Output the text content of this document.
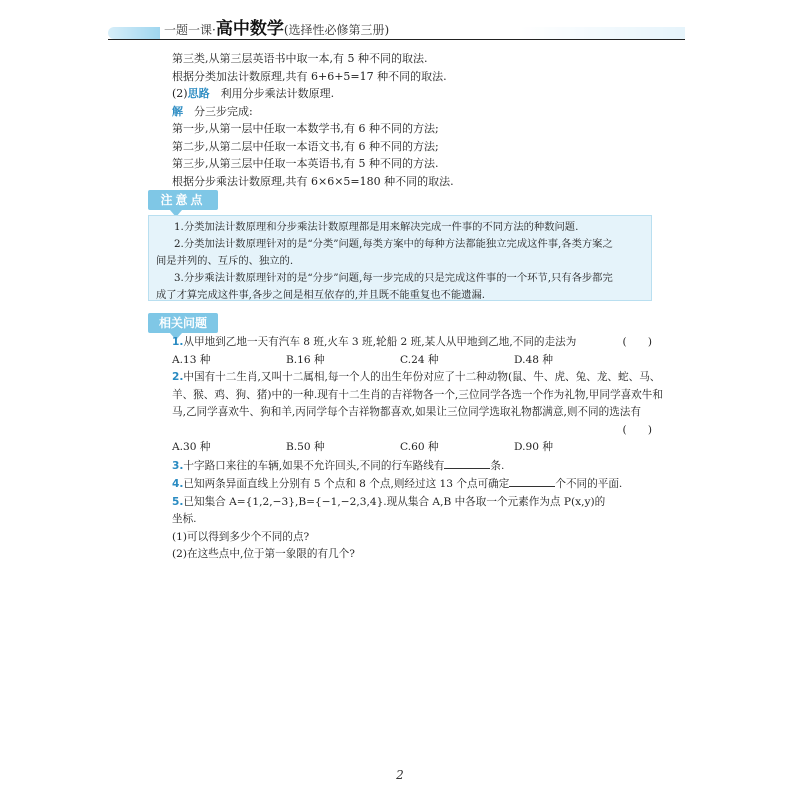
一题一课·高中数学(选择性必修第三册)
第三类,从第三层英语书中取一本,有 5 种不同的取法.
根据分类加法计数原理,共有 6+6+5=17 种不同的取法.
(2)思路　 利用分步乘法计数原理.
解　 分三步完成:
第一步,从第一层中任取一本数学书,有 6 种不同的方法;
第二步,从第二层中任取一本语文书,有 6 种不同的方法;
第三步,从第三层中任取一本英语书,有 5 种不同的方法.
根据分步乘法计数原理,共有 6×6×5=180 种不同的取法.
注意点
1.分类加法计数原理和分步乘法计数原理都是用来解决完成一件事的不同方法的种数问题.
2.分类加法计数原理针对的是“分类”问题,每类方案中的每种方法都能独立完成这件事,各类方案之
间是并列的、互斥的、独立的.
3.分步乘法计数原理针对的是“分步”问题,每一步完成的只是完成这件事的一个环节,只有各步都完
成了才算完成这件事,各步之间是相互依存的,并且既不能重复也不能遗漏.
相关问题
1.从甲地到乙地一天有汽车 8 班,火车 3 班,轮船 2 班,某人从甲地到乙地,不同的走法为	(　　)
A.13 种	B.16 种	C.24 种	D.48 种
2.中国有十二生肖,又叫十二属相,每一个人的出生年份对应了十二种动物(鼠、牛、虎、兔、龙、蛇、马、
羊、猴、鸡、狗、猪)中的一种.现有十二生肖的吉祥物各一个,三位同学各选一个作为礼物,甲同学喜欢牛和
马,乙同学喜欢牛、狗和羊,丙同学每个吉祥物都喜欢,如果让三位同学选取礼物都满意,则不同的选法有

(　　)
A.30 种	B.50 种	C.60 种	D.90 种
3.十字路口来往的车辆,如果不允许回头,不同的行车路线有	条.
4.已知两条异面直线上分别有 5 个点和 8 个点,则经过这 13 个点可确定	个不同的平面.
5.已知集合 A={1,2,−3},B={−1,−2,3,4}.现从集合 A,B 中各取一个元素作为点 P(x,y)的
坐标.
(1)可以得到多少个不同的点?
(2)在这些点中,位于第一象限的有几个?
2
